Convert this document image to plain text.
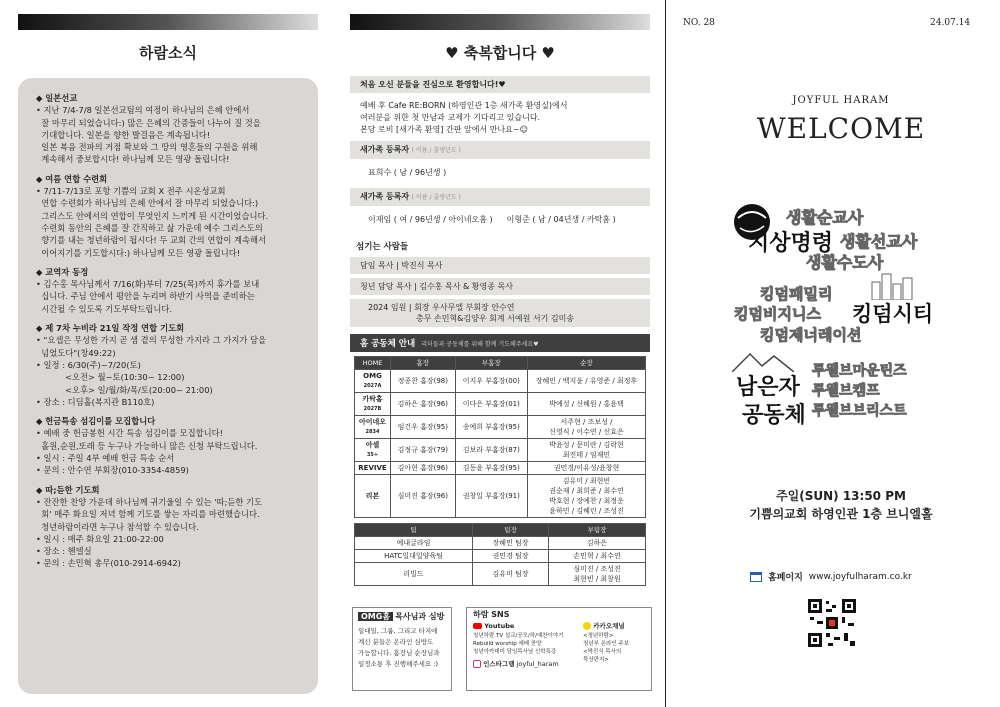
하람소식
◆ 일본선교
• 지난 7/4-7/8 일본선교팀의 여정이 하나님의 은혜 안에서
잘 마무리 되었습니다:) 많은 은혜의 간증들이 나누어 질 것을
기대합니다. 일본을 향한 발걸음은 계속됩니다!
일본 복음 전파의 거점 확보와 그 땅의 영혼들의 구원을 위해
계속해서 중보합시다! 하나님께 모든 영광 돌립니다!
◆ 여름 연합 수련회
• 7/11-7/13로 포항 기쁨의 교회 X 전주 시온성교회
연합 수련회가 하나님의 은혜 안에서 잘 마무리 되었습니다:)
그리스도 안에서의 연합이 무엇인지 느끼게 된 시간이었습니다.
수련회 동안의 은혜를 잘 간직하고 삶 가운데 예수 그리스도의
향기를 내는 청년하람이 됩시다! 두 교회 간의 연합이 계속해서
이어지기를 기도합시다:) 하나님께 모든 영광 돌립니다!
◆ 교역자 동정
• 김수홍 목사님께서 7/16(화)부터 7/25(목)까지 휴가를 보내
십니다. 주님 안에서 평안을 누리며 하반기 사역을 준비하는
시간될 수 있도록 기도부탁드립니다.
◆ 제 7차 누비라 21일 작정 연합 기도회
• "요셉은 무성한 가지 곧 샘 곁의 무성한 가지라 그 가지가 담을
넘었도다"(창49:22)
• 일정 : 6/30(주)~7/20(토)
<오전> 월~토(10:30~ 12:00)
<오후> 일/월/화/목/토(20:00~ 21:00)
• 장소 : 디딤홀(복지관 B110호)
◆ 헌금특송 섬김이를 모집합니다
• 예배 중 헌금봉헌 시간 특송 섬김이를 모집합니다!
홀원,순원,또래 등 누구나 가능하니 많은 신청 부탁드립니다.
• 일시 : 주일 4부 예배 헌금 특송 순서
• 문의 : 안수연 부회장(010-3354-4859)
◆ 따;듣한 기도회
• 잔잔한 찬양 가운데 하나님께 귀기울일 수 있는 '따;듣한 기도
회' 매주 화요일 저녁 함께 기도를 쌓는 자리를 마련했습니다.
청년하람이라면 누구나 참석할 수 있습니다.
• 일시 : 매주 화요일 21:00-22:00
• 장소 : 헨델실
• 문의 : 손민혁 총무(010-2914-6942)
♥ 축복합니다 ♥
처음 오신 분들을 진심으로 환영합니다!♥
예배 후 Cafe RE:BORN (하영인관 1층 새가족 환영실)에서
여러분을 위한 첫 만남과 교제가 기다리고 있습니다.
본당 로비 [새가족 환영] 간판 앞에서 만나요~☺
새가족 등록자 ( 이름 / 출생년도 )
표희수 ( 남 / 96년생 )
새가족 등록자 ( 이름 / 출생년도 )
이재임 ( 여 / 96년생 / 아이네오홈 ) 이형준 ( 남 / 04년생 / 카탁홈 )
섬기는 사람들
담임 목사 | 박진식 목사
청년 담당 목사 | 김수홍 목사 & 황영종 목사
2024 임원 | 회장 우사무엘 부회장 안수연
총무 손민혁&김양우 회계 서예원 서기 김미송
홈 공동체 안내 리더들과 공동체를 위해 함께 기도해주세요♥
HOME	홈장	부홈장	순장
OMG
2027A	정종찬 홈장(98)	이지우 부홈장(00)	장혜민 / 백지윤 / 유영준 / 최정후
카탁홈
2027B	김하은 홈장(96)	이다은 부홈장(01)	박예성 / 신혜원 / 홍윤택
아이네오
2834	임건우 홈장(95)	송예희 부홈장(95)	서주현 / 조보성 /
신영식 / 이수연 / 신효은
아셀
35+	김정규 홈장(79)	김보라 부홈장(87)	박윤성 / 문미란 / 김락현
최진태 / 임재민
REVIVE	김아현 홈장(96)	김동윤 부홈장(95)	권민경/이유성/윤창현
리본	심미진 홈장(96)	권창일 부홈장(91)	김유미 / 최현빈
권순재 / 최희준 / 최수연
박호현 / 장예찬 / 최정운
윤하민 / 김혜린 / 조성진
팀	팀장	부팀장
예내글라임	장혜민 팀장	김하은
HATC일대일양육팀	권민경 팀장	손민혁 / 최수연
리빌드	김유미 팀장	심미진 / 조성진
최현빈 / 최창원
OMG홈 목사님과 심방
일대일, 그룹, 그리고 타지에
계신 분들은 온라인 심방도
가능합니다. 홈장님 순장님과
일정소통 후 진행해주세요 :)
하람 SNS
Youtube
청년하람 TV 설교/공모/하/예찬이야기
Rebuild worship 예배 찬양
청년아카데미 담임목사님 신학특강
인스타그램 joyful_haram
카카오채널
<청년하람>
청년부 온라인 주보
<박진식 목사의
묵상편지>
NO. 28	24.07.14
JOYFUL HARAM
WELCOME
생활순교사
지상명령 생활선교사
생활수도사
킹덤패밀리
킹덤비지니스 킹덤시티
킹덤제너레이션
남은자
공동체
투웰브마운틴즈
투웰브캠프
투웰브브리스트
주일(SUN) 13:50 PM
기쁨의교회 하영인관 1층 브니엘홀
홈페이지 www.joyfulharam.co.kr
